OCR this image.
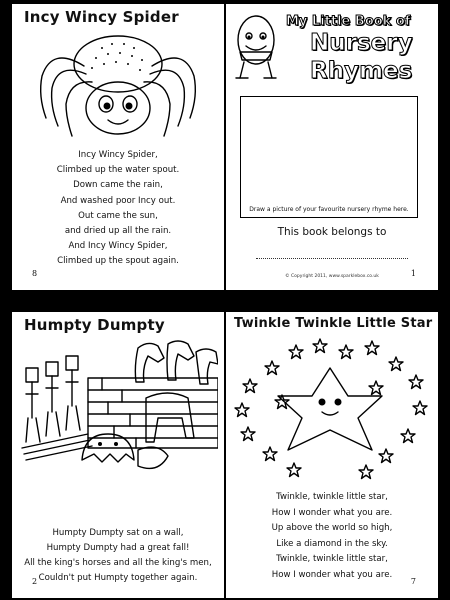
Incy Wincy Spider
Incy Wincy Spider,
Climbed up the water spout.
Down came the rain,
And washed poor Incy out.
Out came the sun,
and dried up all the rain.
And Incy Wincy Spider,
Climbed up the spout again.
8
My Little Book of
Nursery
Rhymes
Draw a picture of your favourite nursery rhyme here.
This book belongs to
© Copyright 2011, www.sparklebox.co.uk	1
Humpty Dumpty
Humpty Dumpty sat on a wall,
Humpty Dumpty had a great fall!
All the king's horses and all the king's men,
Couldn't put Humpty together again.
2
Twinkle Twinkle Little Star
Twinkle, twinkle little star,
How I wonder what you are.
Up above the world so high,
Like a diamond in the sky.
Twinkle, twinkle little star,
How I wonder what you are.
7
